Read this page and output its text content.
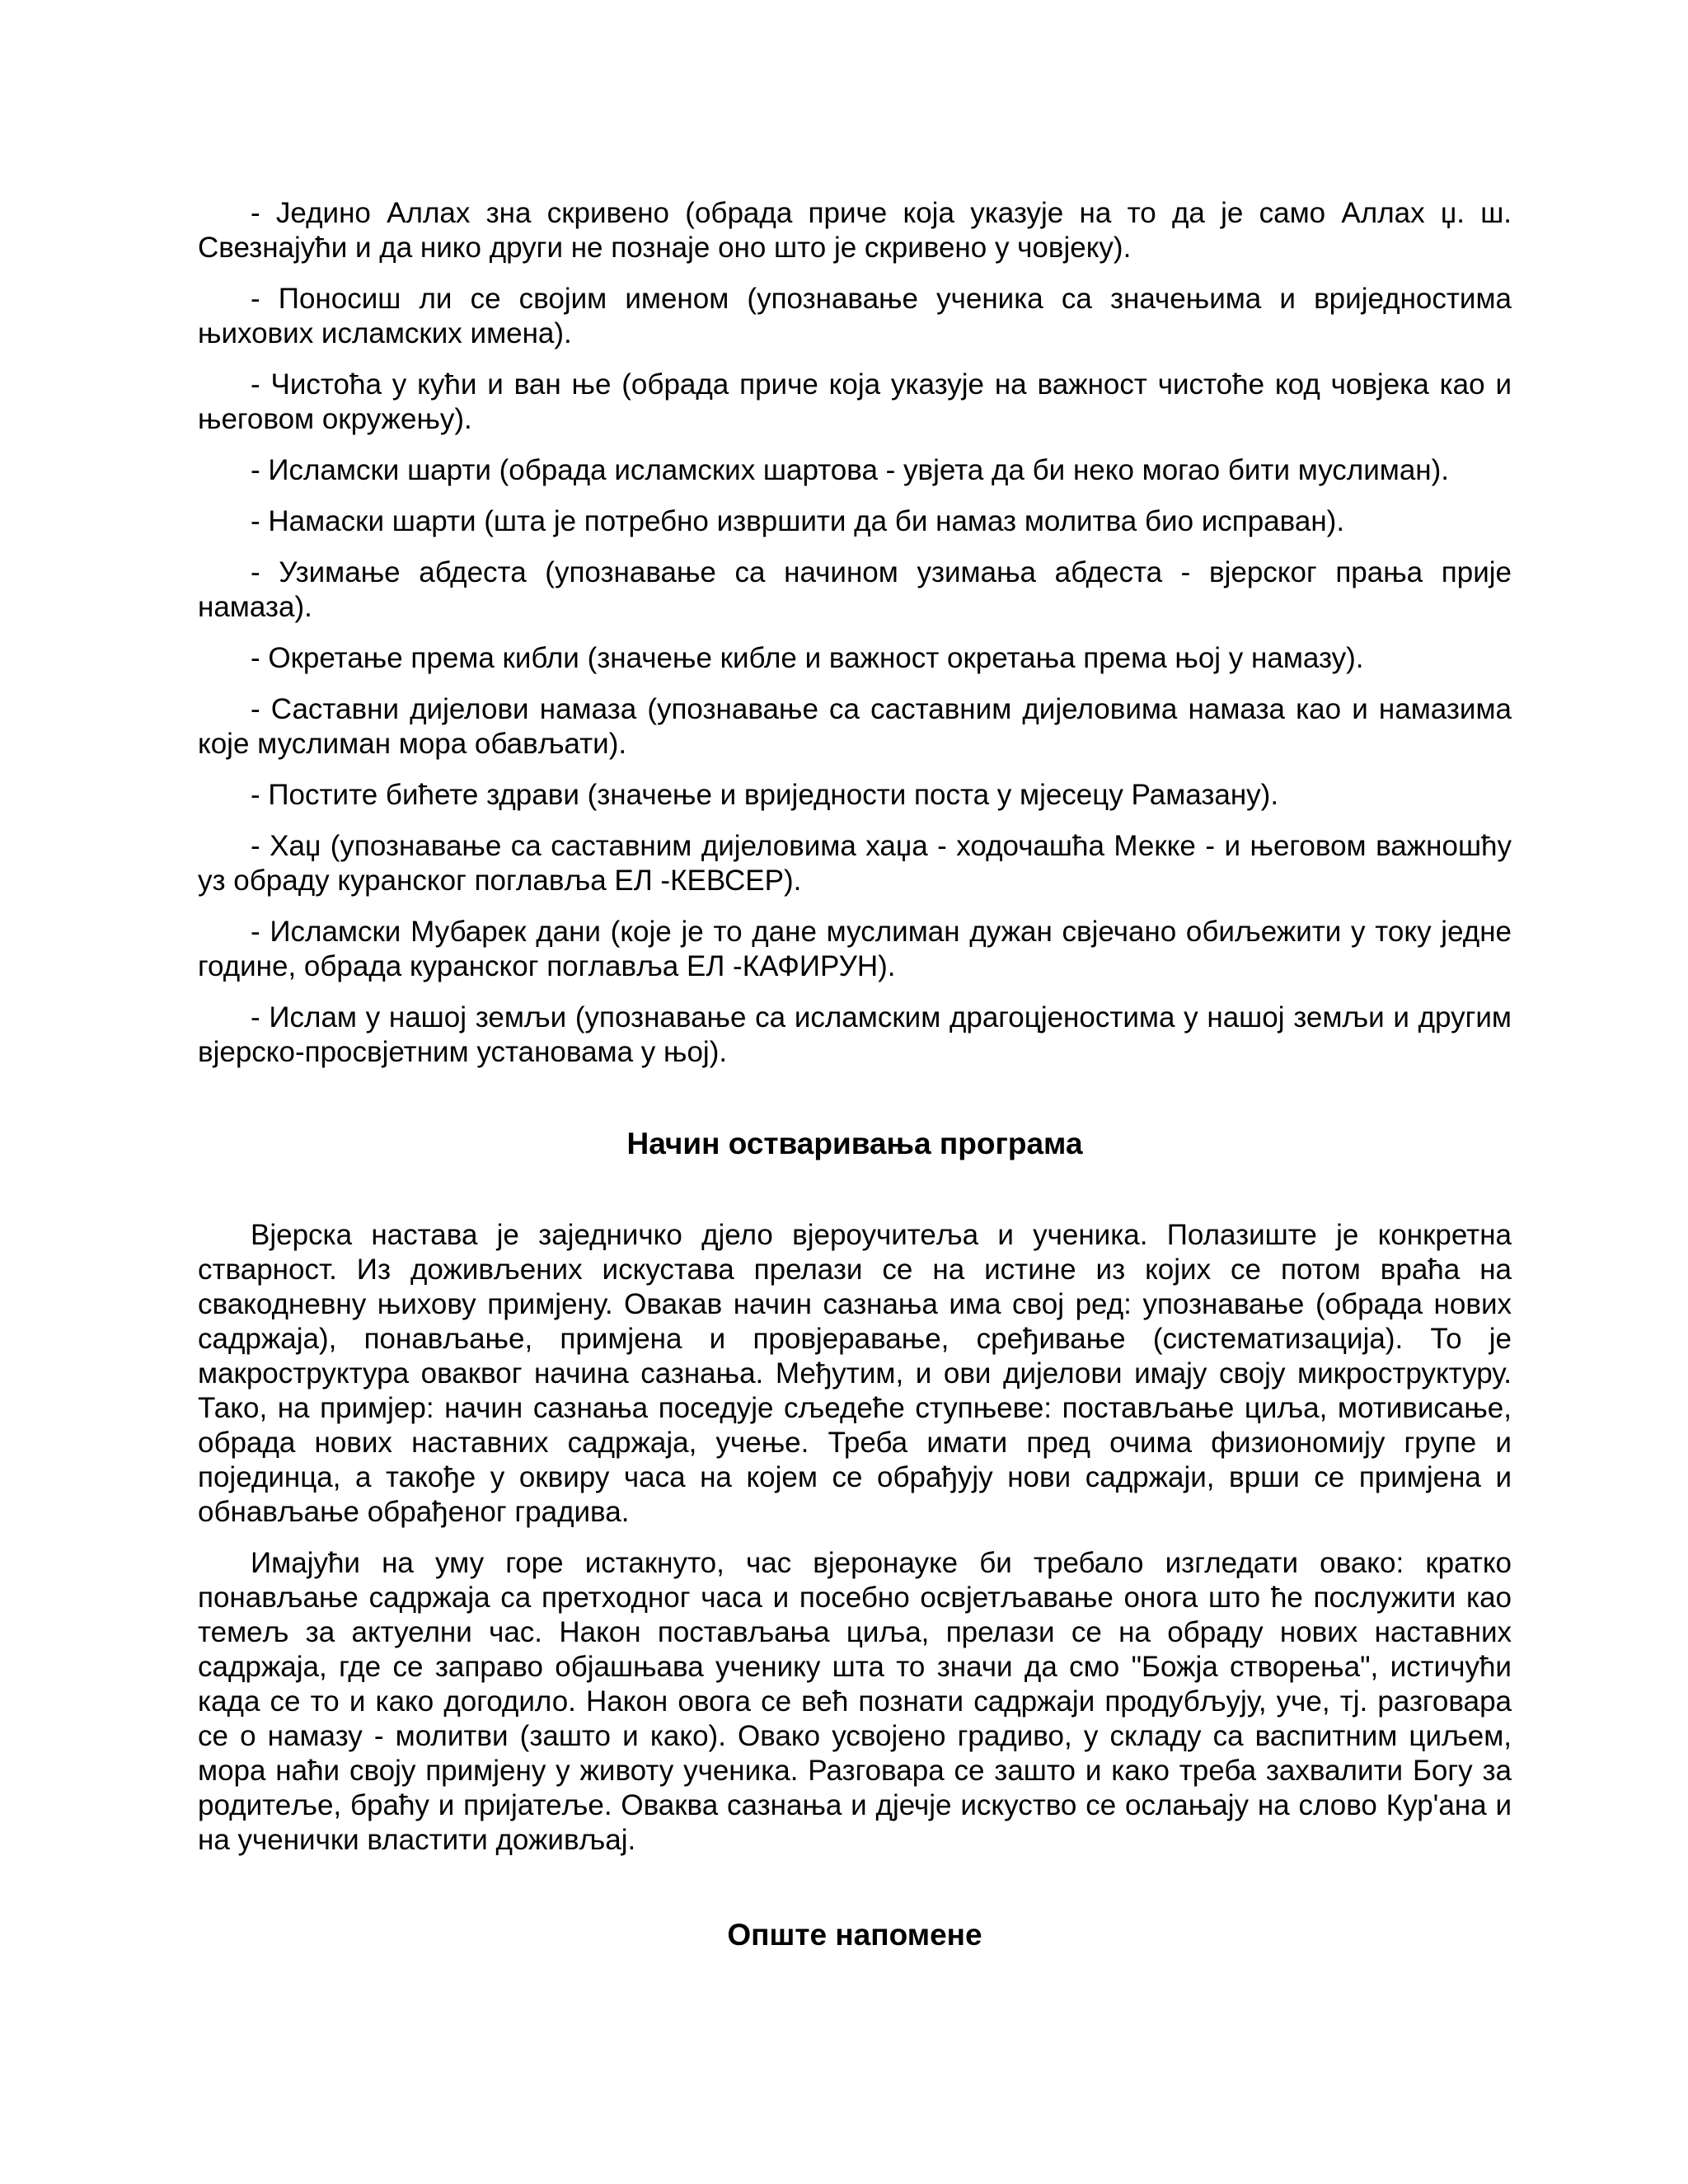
- Једино Аллах зна скривено (обрада приче која указује на то да је само Аллах џ. ш. Свезнајући и да нико други не познаје оно што је скривено у човјеку).

- Поносиш ли се својим именом (упознавање ученика са значењима и вриједностима њихових исламских имена).

- Чистоћа у кући и ван ње (обрада приче која указује на важност чистоће код човјека као и његовом окружењу).

- Исламски шарти (обрада исламских шартова - увјета да би неко могао бити муслиман).

- Намаски шарти (шта је потребно извршити да би намаз молитва био исправан).

- Узимање абдеста (упознавање са начином узимања абдеста - вјерског прања прије намаза).

- Окретање према кибли (значење кибле и важност окретања према њој у намазу).

- Саставни дијелови намаза (упознавање са саставним дијеловима намаза као и намазима које муслиман мора обављати).

- Постите бићете здрави (значење и вриједности поста у мјесецу Рамазану).

- Хаџ (упознавање са саставним дијеловима хаџа - ходочашћа Мекке - и његовом важношћу уз обраду куранског поглавља ЕЛ -КЕВСЕР).

- Исламски Мубарек дани (које је то дане муслиман дужан свјечано обиљежити у току једне године, обрада куранског поглавља ЕЛ -КАФИРУН).

- Ислам у нашој земљи (упознавање са исламским драгоцјеностима у нашој земљи и другим вјерско-просвјетним установама у њој).

Начин остваривања програма

Вјерска настава је заједничко дјело вјероучитеља и ученика. Полазиште је конкретна стварност. Из доживљених искустава прелази се на истине из којих се потом враћа на свакодневну њихову примјену. Овакав начин сазнања има свој ред: упознавање (обрада нових садржаја), понављање, примјена и провјеравање, сређивање (систематизација). То је макроструктура оваквог начина сазнања. Међутим, и ови дијелови имају своју микроструктуру. Тако, на примјер: начин сазнања поседује сљедеће ступњеве: постављање циља, мотивисање, обрада нових наставних садржаја, учење. Треба имати пред очима физиономију групе и појединца, а такође у оквиру часа на којем се обрађују нови садржаји, врши се примјена и обнављање обрађеног градива.

Имајући на уму горе истакнуто, час вјеронауке би требало изгледати овако: кратко понављање садржаја са претходног часа и посебно освјетљавање онога што ће послужити као темељ за актуелни час. Након постављања циља, прелази се на обраду нових наставних садржаја, где се заправо објашњава ученику шта то значи да смо "Божја створења", истичући када се то и како догодило. Након овога се већ познати садржаји продубљују, уче, тј. разговара се о намазу - молитви (зашто и како). Овако усвојено градиво, у складу са васпитним циљем, мора наћи своју примјену у животу ученика. Разговара се зашто и како треба захвалити Богу за родитеље, браћу и пријатеље. Оваква сазнања и дјечје искуство се ослањају на слово Кур'ана и на ученички властити доживљај.

Опште напомене
